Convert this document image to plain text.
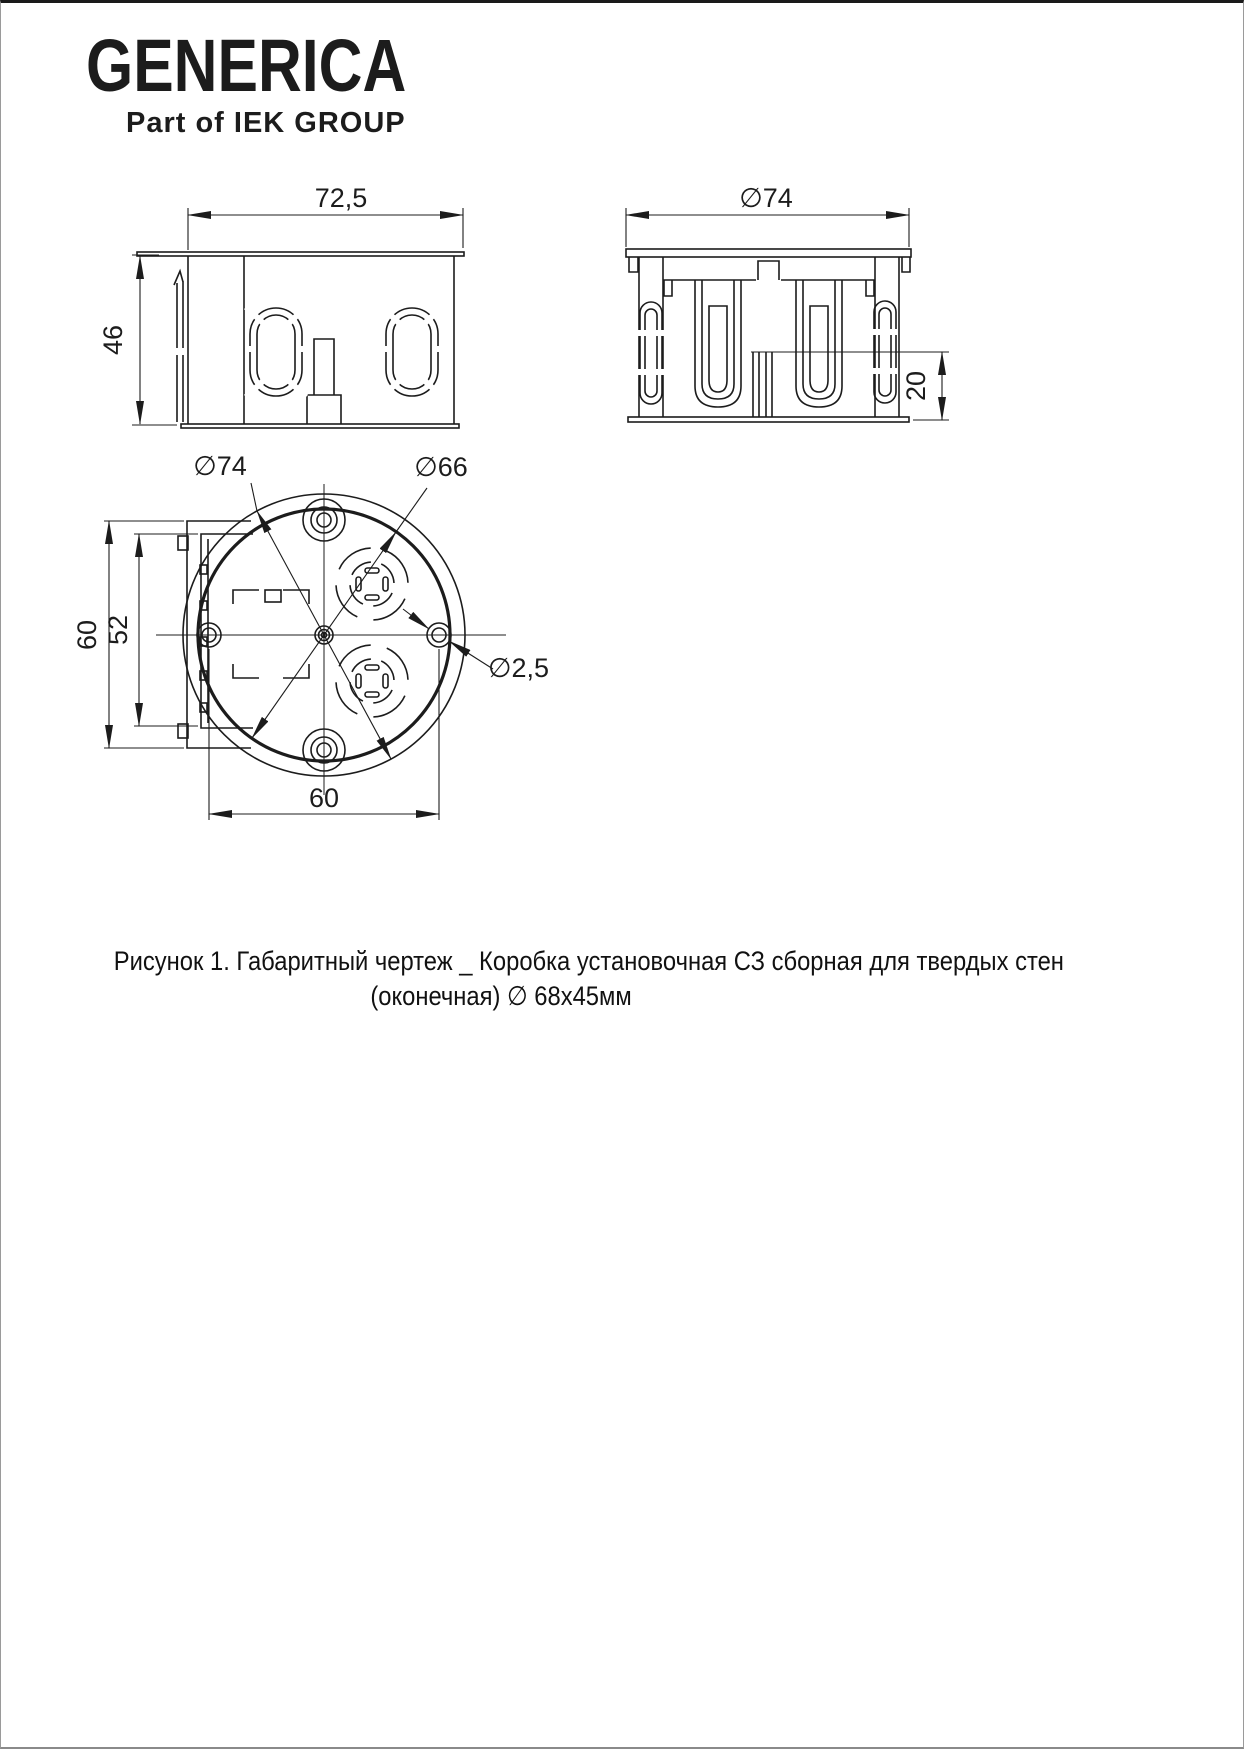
GENERICA
Part of IEK GROUP
72,5
46
∅74
20
∅74	∅66
∅2,5
60 52
60
Рисунок 1. Габаритный чертеж _ Коробка установочная СЗ сборная для твердых стен
(оконечная) ∅ 68х45мм
